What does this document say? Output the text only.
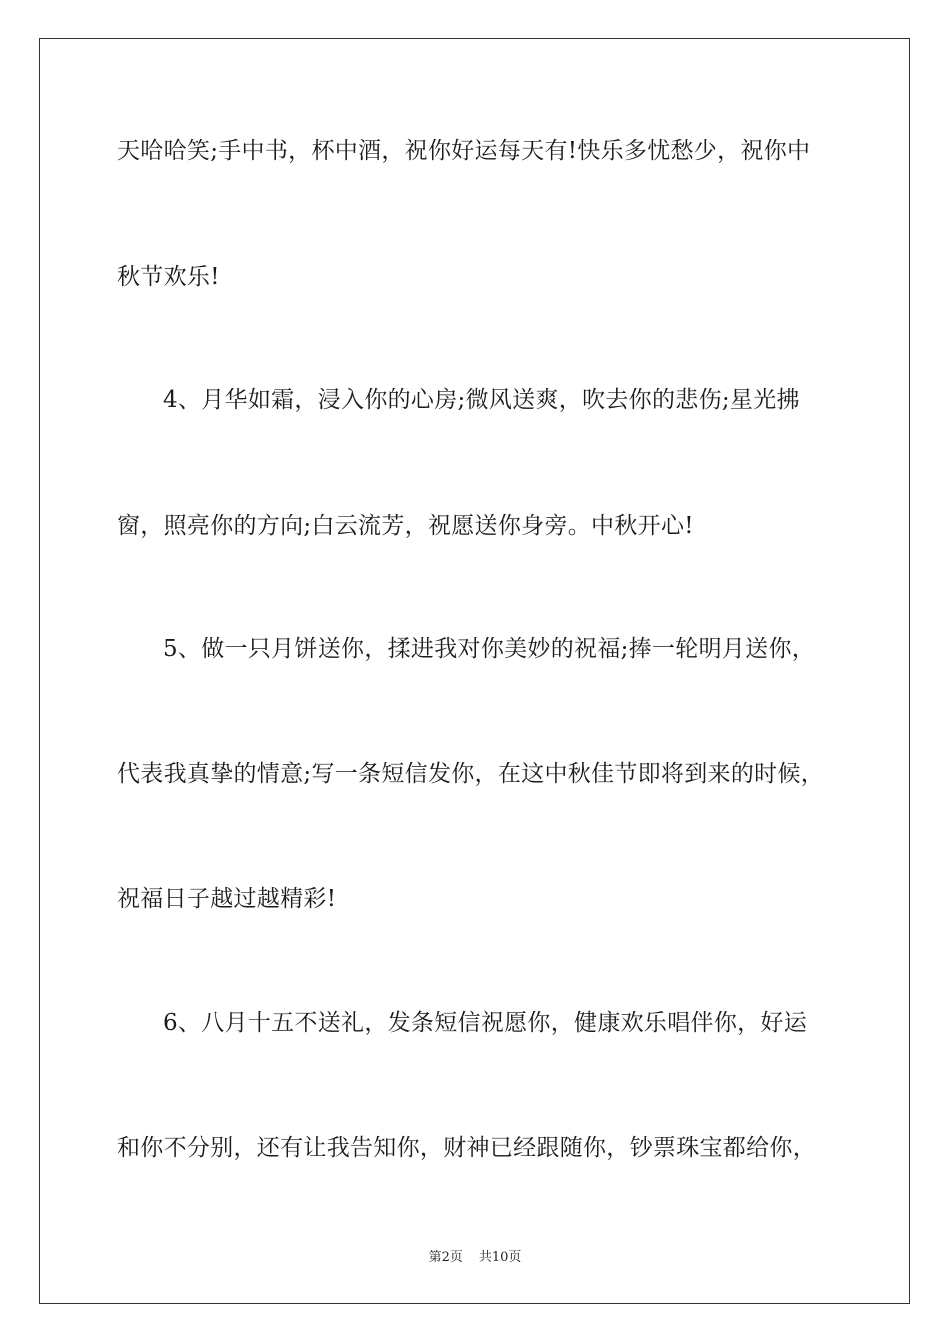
天哈哈笑;手中书，杯中酒，祝你好运每天有!快乐多忧愁少，祝你中
秋节欢乐!
4、月华如霜，浸入你的心房;微风送爽，吹去你的悲伤;星光拂
窗，照亮你的方向;白云流芳，祝愿送你身旁。中秋开心!
5、做一只月饼送你，揉进我对你美妙的祝福;捧一轮明月送你，
代表我真挚的情意;写一条短信发你，在这中秋佳节即将到来的时候，
祝福日子越过越精彩!
6、八月十五不送礼，发条短信祝愿你，健康欢乐唱伴你，好运
和你不分别，还有让我告知你，财神已经跟随你，钞票珠宝都给你，
第2页 共10页
